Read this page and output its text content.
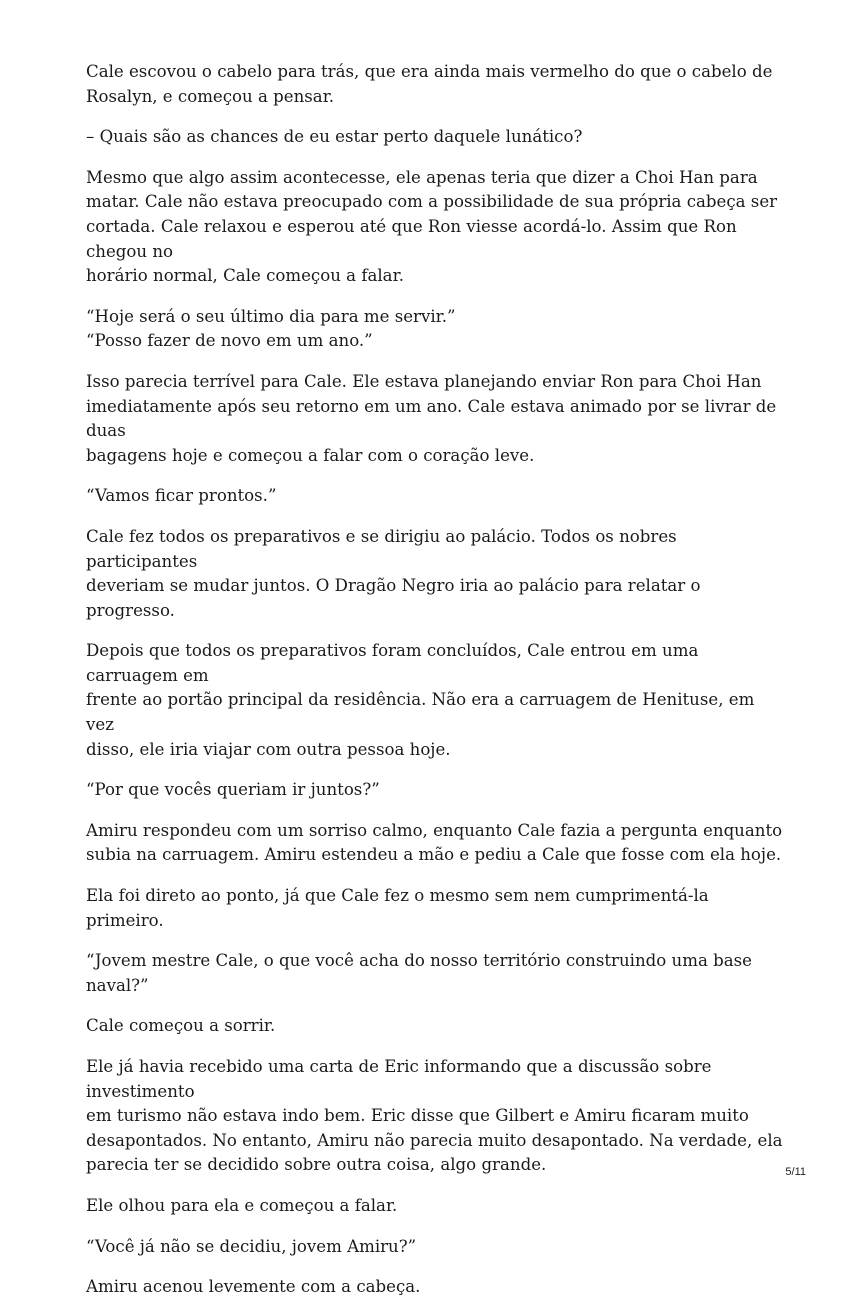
Cale escovou o cabelo para trás, que era ainda mais vermelho do que o cabelo de
Rosalyn, e começou a pensar.

– Quais são as chances de eu estar perto daquele lunático?

Mesmo que algo assim acontecesse, ele apenas teria que dizer a Choi Han para
matar. Cale não estava preocupado com a possibilidade de sua própria cabeça ser
cortada. Cale relaxou e esperou até que Ron viesse acordá-lo. Assim que Ron chegou no
horário normal, Cale começou a falar.

“Hoje será o seu último dia para me servir.”
“Posso fazer de novo em um ano.”

Isso parecia terrível para Cale. Ele estava planejando enviar Ron para Choi Han
imediatamente após seu retorno em um ano. Cale estava animado por se livrar de duas
bagagens hoje e começou a falar com o coração leve.

“Vamos ficar prontos.”

Cale fez todos os preparativos e se dirigiu ao palácio. Todos os nobres participantes
deveriam se mudar juntos. O Dragão Negro iria ao palácio para relatar o progresso.

Depois que todos os preparativos foram concluídos, Cale entrou em uma carruagem em
frente ao portão principal da residência. Não era a carruagem de Henituse, em vez
disso, ele iria viajar com outra pessoa hoje.

“Por que vocês queriam ir juntos?”

Amiru respondeu com um sorriso calmo, enquanto Cale fazia a pergunta enquanto
subia na carruagem. Amiru estendeu a mão e pediu a Cale que fosse com ela hoje.

Ela foi direto ao ponto, já que Cale fez o mesmo sem nem cumprimentá-la primeiro.

“Jovem mestre Cale, o que você acha do nosso território construindo uma base naval?”

Cale começou a sorrir.

Ele já havia recebido uma carta de Eric informando que a discussão sobre investimento
em turismo não estava indo bem. Eric disse que Gilbert e Amiru ficaram muito
desapontados. No entanto, Amiru não parecia muito desapontado. Na verdade, ela
parecia ter se decidido sobre outra coisa, algo grande.

Ele olhou para ela e começou a falar.

“Você já não se decidiu, jovem Amiru?”

Amiru acenou levemente com a cabeça.

5/11
